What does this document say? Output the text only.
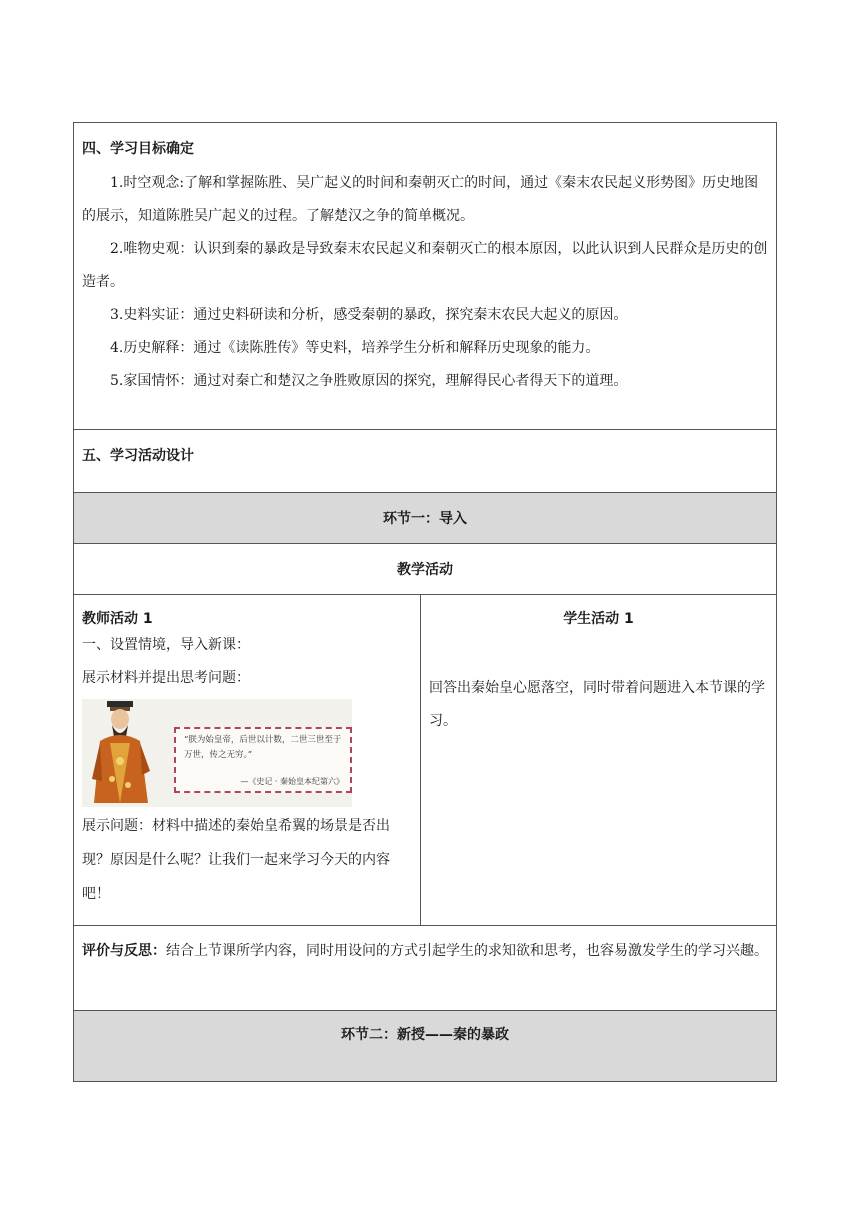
四、学习目标确定

1.时空观念:了解和掌握陈胜、吴广起义的时间和秦朝灭亡的时间，通过《秦末农民起义形势图》历史地图的展示，知道陈胜吴广起义的过程。了解楚汉之争的简单概况。

2.唯物史观：认识到秦的暴政是导致秦末农民起义和秦朝灭亡的根本原因，以此认识到人民群众是历史的创造者。

3.史料实证：通过史料研读和分析，感受秦朝的暴政，探究秦末农民大起义的原因。

4.历史解释：通过《读陈胜传》等史料，培养学生分析和解释历史现象的能力。

5.家国情怀：通过对秦亡和楚汉之争胜败原因的探究，理解得民心者得天下的道理。

五、学习活动设计

环节一：导入
教学活动

教师活动 1
一、设置情境，导入新课：
展示材料并提出思考问题：
“朕为始皇帝，后世以计数，二世三世至于万世，传之无穷。”
—《史记 · 秦始皇本纪第六》
展示问题：材料中描述的秦始皇希翼的场景是否出现？原因是什么呢？让我们一起来学习今天的内容吧！

学生活动 1
回答出秦始皇心愿落空，同时带着问题进入本节课的学习。

评价与反思：结合上节课所学内容，同时用设问的方式引起学生的求知欲和思考，也容易激发学生的学习兴趣。

环节二：新授——秦的暴政
